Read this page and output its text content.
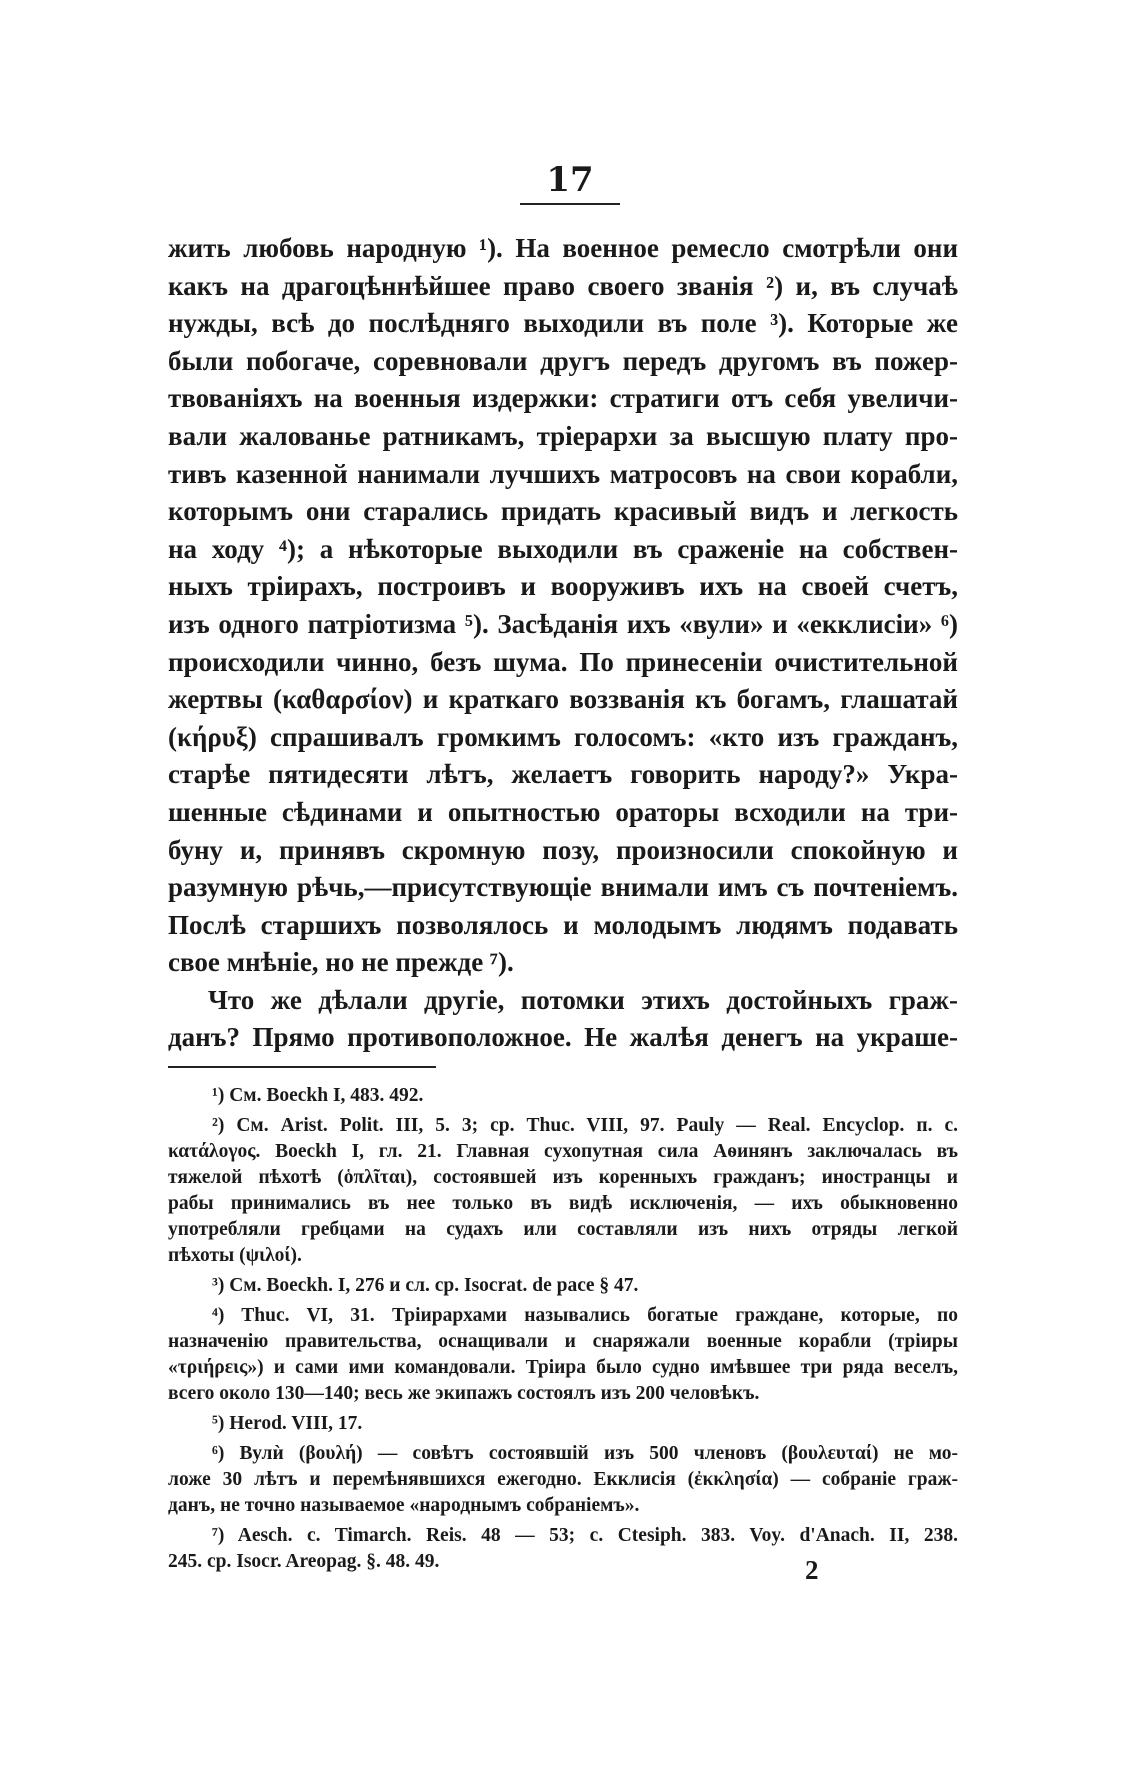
17
жить любовь народную ¹). На военное ремесло смотрѣли они
какъ на драгоцѣннѣйшее право своего званія ²) и, въ случаѣ
нужды, всѣ до послѣдняго выходили въ поле ³). Которые же
были побогаче, соревновали другъ передъ другомъ въ пожер-
твованіяхъ на военныя издержки: стратиги отъ себя увеличи-
вали жалованье ратникамъ, тріерархи за высшую плату про-
тивъ казенной нанимали лучшихъ матросовъ на свои корабли,
которымъ они старались придать красивый видъ и легкость
на ходу ⁴); а нѣкоторые выходили въ сраженіе на собствен-
ныхъ тріирахъ, построивъ и вооруживъ ихъ на своей счетъ,
изъ одного патріотизма ⁵). Засѣданія ихъ «вули» и «екклисіи» ⁶)
происходили чинно, безъ шума. По принесеніи очистительной
жертвы (καθαρσίον) и краткаго воззванія къ богамъ, глашатай
(κήρυξ) спрашивалъ громкимъ голосомъ: «кто изъ гражданъ,
старѣе пятидесяти лѣтъ, желаетъ говорить народу?» Укра-
шенные сѣдинами и опытностью ораторы всходили на три-
буну и, принявъ скромную позу, произносили спокойную и
разумную рѣчь,—присутствующіе внимали имъ съ почтеніемъ.
Послѣ старшихъ позволялось и молодымъ людямъ подавать
свое мнѣніе, но не прежде ⁷).
Что же дѣлали другіе, потомки этихъ достойныхъ граж-
данъ? Прямо противоположное. Не жалѣя денегъ на украше-
¹) См. Boeckh I, 483. 492.
²) См. Arist. Polit. III, 5. 3; ср. Thuc. VIII, 97. Pauly — Real. Encyclop. п. с.
κατάλογος. Boeckh I, гл. 21. Главная сухопутная сила Аѳинянъ заключалась въ
тяжелой пѣхотѣ (ὁπλῖται), состоявшей изъ коренныхъ гражданъ; иностранцы и
рабы принимались въ нее только въ видѣ исключенія, — ихъ обыкновенно
употребляли гребцами на судахъ или составляли изъ нихъ отряды легкой
пѣхоты (ψιλοί).
³) См. Boeckh. I, 276 и сл. ср. Isocrat. de pace § 47.
⁴) Thuc. VI, 31. Тріирархами назывались богатые граждане, которые, по
назначенію правительства, оснащивали и снаряжали военные корабли (тріиры
«τριήρεις») и сами ими командовали. Тріира было судно имѣвшее три ряда веселъ,
всего около 130—140; весь же экипажъ состоялъ изъ 200 человѣкъ.
⁵) Herod. VIII, 17.
⁶) Вулѝ (βουλή) — совѣтъ состоявшій изъ 500 членовъ (βουλευταί) не мо-
ложе 30 лѣтъ и перемѣнявшихся ежегодно. Екклисія (ἐκκλησία) — собраніе граж-
данъ, не точно называемое «народнымъ собраніемъ».
⁷) Aesch. c. Timarch. Reis. 48 — 53; c. Ctesiph. 383. Voy. d'Anach. II, 238.
245. ср. Isocr. Areopag. §. 48. 49.	2
